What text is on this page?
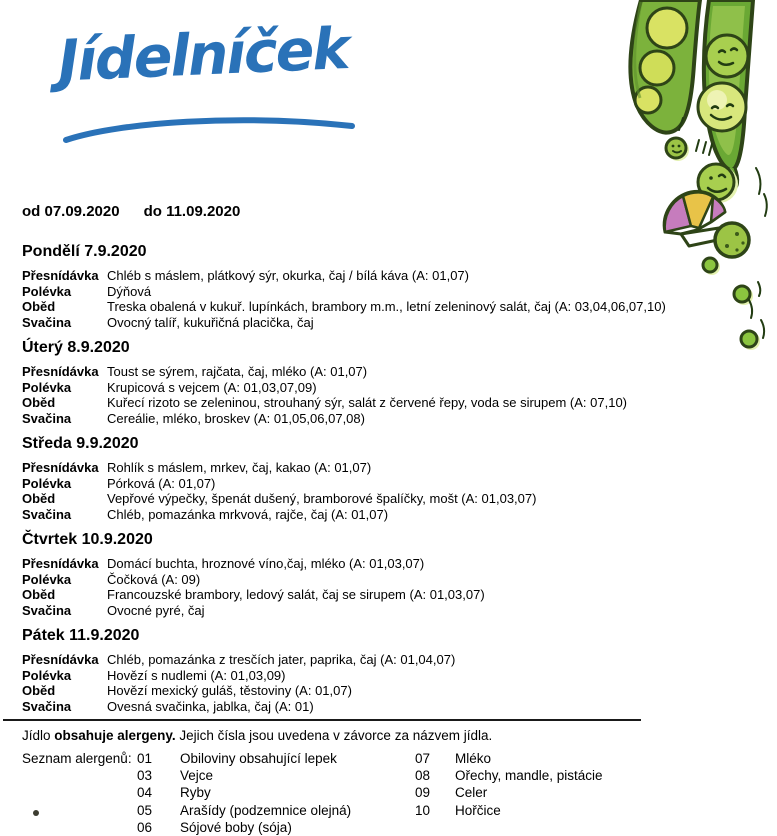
Jídelníček
od 07.09.2020 do 11.09.2020
Pondělí 7.9.2020
Přesnídávka Chléb s máslem, plátkový sýr, okurka, čaj / bílá káva (A: 01,07)
Polévka	Dýňová
Oběd	Treska obalená v kukuř. lupínkách, brambory m.m., letní zeleninový salát, čaj (A: 03,04,06,07,10)
Svačina	Ovocný talíř, kukuřičná placička, čaj
Úterý 8.9.2020
Přesnídávka Toust se sýrem, rajčata, čaj, mléko (A: 01,07)
Polévka	Krupicová s vejcem (A: 01,03,07,09)
Oběd	Kuřecí rizoto se zeleninou, strouhaný sýr, salát z červené řepy, voda se sirupem (A: 07,10)
Svačina	Cereálie, mléko, broskev (A: 01,05,06,07,08)
Středa 9.9.2020
Přesnídávka Rohlík s máslem, mrkev, čaj, kakao (A: 01,07)
Polévka	Pórková (A: 01,07)
Oběd	Vepřové výpečky, špenát dušený, bramborové špalíčky, mošt (A: 01,03,07)
Svačina	Chléb, pomazánka mrkvová, rajče, čaj (A: 01,07)
Čtvrtek 10.9.2020
Přesnídávka Domácí buchta, hroznové víno,čaj, mléko (A: 01,03,07)
Polévka	Čočková (A: 09)
Oběd	Francouzské brambory, ledový salát, čaj se sirupem (A: 01,03,07)
Svačina	Ovocné pyré, čaj
Pátek 11.9.2020
Přesnídávka Chléb, pomazánka z tresčích jater, paprika, čaj (A: 01,04,07)
Polévka	Hovězí s nudlemi (A: 01,03,09)
Oběd	Hovězí mexický guláš, těstoviny (A: 01,07)
Svačina	Ovesná svačinka, jablka, čaj (A: 01)
Jídlo obsahuje alergeny. Jejich čísla jsou uvedena v závorce za názvem jídla.
Seznam alergenů: 01	Obiloviny obsahující lepek
03	Vejce
04	Ryby
05	Arašídy (podzemnice olejná)
06	Sójové boby (sója)
07	Mléko
08	Ořechy, mandle, pistácie
09	Celer
10	Hořčice
